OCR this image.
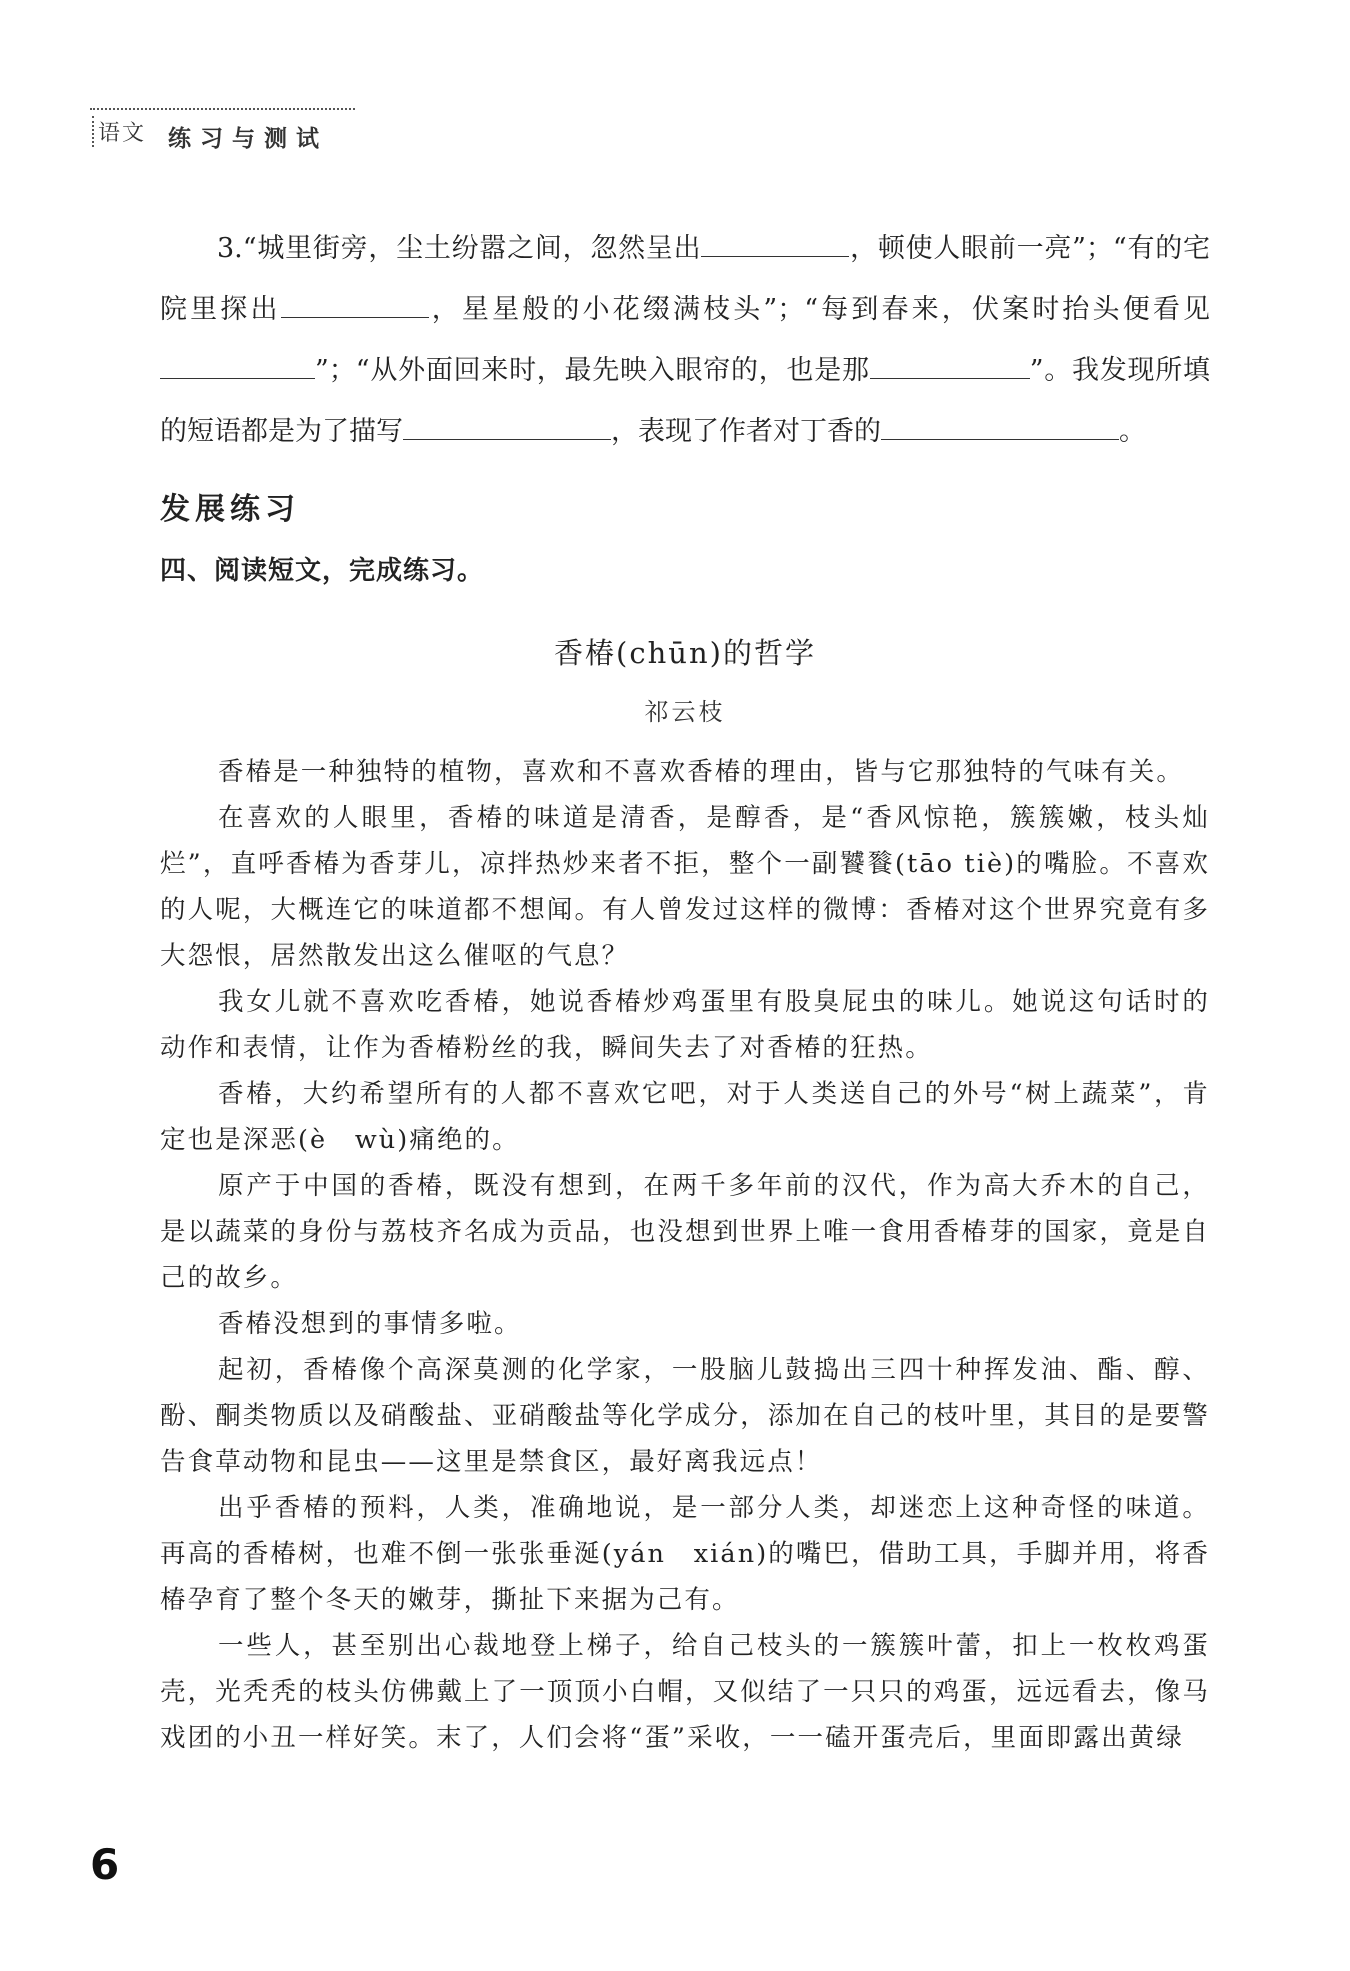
语文 练习与测试

3.“城里街旁，尘土纷嚣之间，忽然呈出	，顿使人眼前一亮”；“有的宅院里探出	，星星般的小花缀满枝头”；“每到春来，伏案时抬头便看见”；“从外面回来时，最先映入眼帘的，也是那	”。我发现所填的短语都是为了描写	，表现了作者对丁香的	。

发展练习
四、阅读短文，完成练习。
香椿(chūn)的哲学
祁云枝

香椿是一种独特的植物，喜欢和不喜欢香椿的理由，皆与它那独特的气味有关。

在喜欢的人眼里，香椿的味道是清香，是醇香，是“香风惊艳，簇簇嫩，枝头灿烂”，直呼香椿为香芽儿，凉拌热炒来者不拒，整个一副饕餮(tāo tiè)的嘴脸。不喜欢的人呢，大概连它的味道都不想闻。有人曾发过这样的微博：香椿对这个世界究竟有多大怨恨，居然散发出这么催呕的气息？

我女儿就不喜欢吃香椿，她说香椿炒鸡蛋里有股臭屁虫的味儿。她说这句话时的动作和表情，让作为香椿粉丝的我，瞬间失去了对香椿的狂热。

香椿，大约希望所有的人都不喜欢它吧，对于人类送自己的外号“树上蔬菜”，肯定也是深恶(è　wù)痛绝的。

原产于中国的香椿，既没有想到，在两千多年前的汉代，作为高大乔木的自己，是以蔬菜的身份与荔枝齐名成为贡品，也没想到世界上唯一食用香椿芽的国家，竟是自己的故乡。

香椿没想到的事情多啦。

起初，香椿像个高深莫测的化学家，一股脑儿鼓捣出三四十种挥发油、酯、醇、酚、酮类物质以及硝酸盐、亚硝酸盐等化学成分，添加在自己的枝叶里，其目的是要警告食草动物和昆虫——这里是禁食区，最好离我远点！

出乎香椿的预料，人类，准确地说，是一部分人类，却迷恋上这种奇怪的味道。再高的香椿树，也难不倒一张张垂涎(yán　xián)的嘴巴，借助工具，手脚并用，将香椿孕育了整个冬天的嫩芽，撕扯下来据为己有。

一些人，甚至别出心裁地登上梯子，给自己枝头的一簇簇叶蕾，扣上一枚枚鸡蛋壳，光秃秃的枝头仿佛戴上了一顶顶小白帽，又似结了一只只的鸡蛋，远远看去，像马戏团的小丑一样好笑。末了，人们会将“蛋”采收，一一磕开蛋壳后，里面即露出黄绿

6
